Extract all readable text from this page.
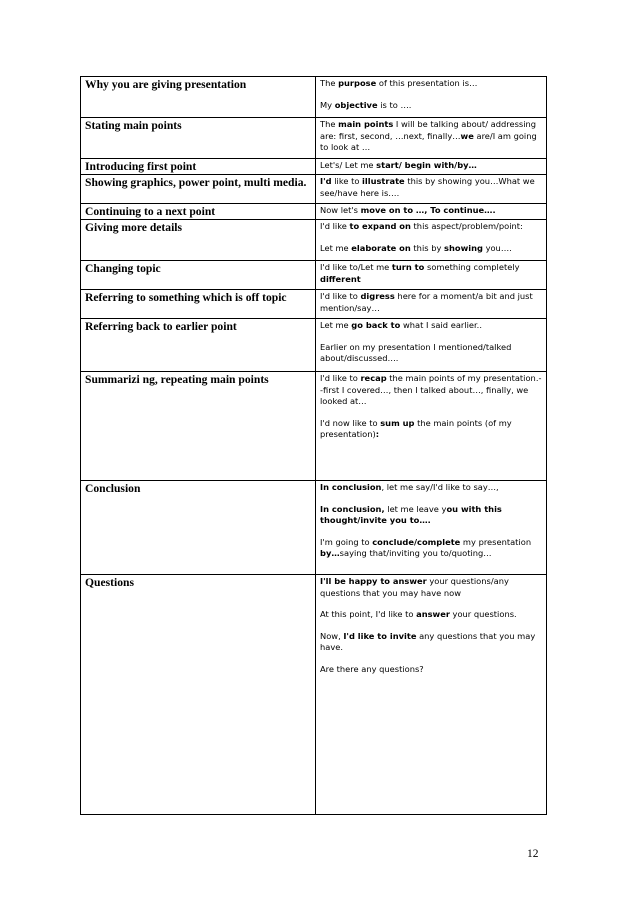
Why you are giving presentation	The purpose of this presentation is…
My objective is to ….

Stating main points	The main points I will be talking about/ addressing are: first, second, …next, finally…we are/I am going to look at …

Introducing first point	Let's/ Let me start/ begin with/by…

Showing graphics, power point, multi media.	I'd like to illustrate this by showing you…What we see/have here is….

Continuing to a next point	Now let's move on to …, To continue….

Giving more details	I'd like to expand on this aspect/problem/point:
Let me elaborate on this by showing you….

Changing topic	I'd like to/Let me turn to something completely different

Referring to something which is off topic	I'd like to digress here for a moment/a bit and just mention/say…

Referring back to earlier point	Let me go back to what I said earlier..
Earlier on my presentation I mentioned/talked about/discussed….

Summarizi ng, repeating main points	I'd like to recap the main points of my presentation.--first I covered…, then I talked about…, finally, we looked at…
I'd now like to sum up the main points (of my presentation):

Conclusion	In conclusion, let me say/I'd like to say…,
In conclusion, let me leave you with this thought/invite you to….
I'm going to conclude/complete my presentation by…saying that/inviting you to/quoting…

Questions	I'll be happy to answer your questions/any questions that you may have now
At this point, I'd like to answer your questions.
Now, I'd like to invite any questions that you may have.
Are there any questions?
12
